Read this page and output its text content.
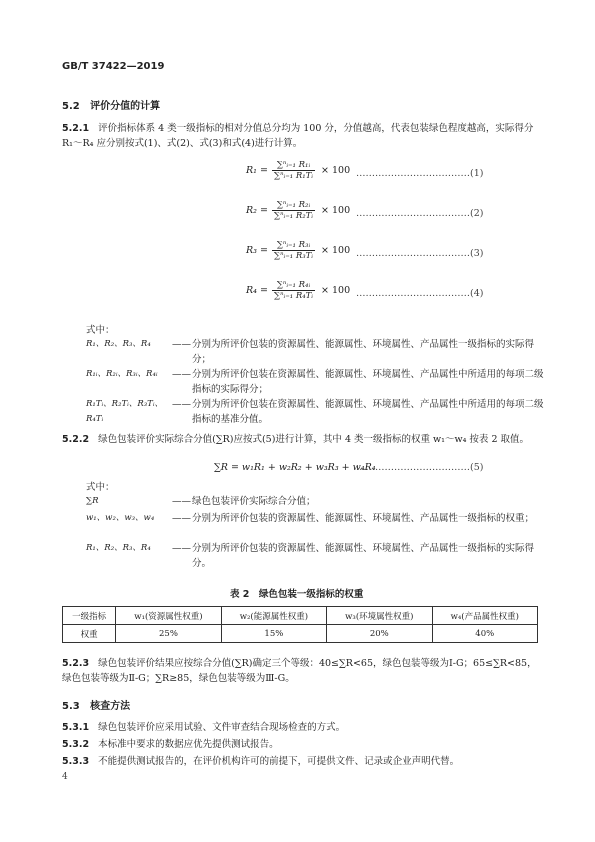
GB/T 37422—2019
5.2 评价分值的计算
5.2.1 评价指标体系 4 类一级指标的相对分值总分均为 100 分，分值越高，代表包装绿色程度越高，实际得分 R₁～R₄ 应分别按式(1)、式(2)、式(3)和式(4)进行计算。
$R_1 = \frac{\text{∑ⁿᵢ₌₁ R₁ᵢ}}{\text{∑ⁿᵢ₌₁ R₁Tᵢ}} \times 100$ ………………………………(1)
$R_2 = \frac{\text{∑ⁿᵢ₌₁ R₂ᵢ}}{\text{∑ⁿᵢ₌₁ R₂Tᵢ}} \times 100$ ………………………………(2)
$R_3 = \frac{\text{∑ⁿᵢ₌₁ R₃ᵢ}}{\text{∑ⁿᵢ₌₁ R₃Tᵢ}} \times 100$ ………………………………(3)
$R_4 = \frac{\text{∑ⁿᵢ₌₁ R₄ᵢ}}{\text{∑ⁿᵢ₌₁ R₄Tᵢ}} \times 100$ ………………………………(4)
式中：
R₁、R₂、R₃、R₄	—— 分别为所评价包装的资源属性、能源属性、环境属性、产品属性一级指标的实际得分；
R₁ᵢ、R₂ᵢ、R₃ᵢ、R₄ᵢ	—— 分别为所评价包装在资源属性、能源属性、环境属性、产品属性中所适用的每项二级指标的实际得分；
R₁Tᵢ、R₂Tᵢ、R₃Tᵢ、R₄Tᵢ
—— 分别为所评价包装在资源属性、能源属性、环境属性、产品属性中所适用的每项二级指标的基准分值。
5.2.2 绿色包装评价实际综合分值(∑R)应按式(5)进行计算，其中 4 类一级指标的权重 w₁～w₄ 按表 2 取值。
∑R = w₁R₁ + w₂R₂ + w₃R₃ + w₄R₄
………………………………(5)
式中：
∑R	—— 绿色包装评价实际综合分值；
w₁、w₂、w₃、w₄	—— 分别为所评价包装的资源属性、能源属性、环境属性、产品属性一级指标的权重；
R₁、R₂、R₃、R₄	—— 分别为所评价包装的资源属性、能源属性、环境属性、产品属性一级指标的实际得分。
表 2　绿色包装一级指标的权重
一级指标	w₁(资源属性权重)	w₂(能源属性权重)	w₃(环境属性权重)	w₄(产品属性权重)
权重	25%	15%	20%	40%
5.2.3 绿色包装评价结果应按综合分值(∑R)确定三个等级：40≤∑R<65，绿色包装等级为Ⅰ-G；65≤∑R<85，绿色包装等级为Ⅱ-G；∑R≥85，绿色包装等级为Ⅲ-G。
5.3 核查方法
5.3.1 绿色包装评价应采用试验、文件审查结合现场检查的方式。
5.3.2 本标准中要求的数据应优先提供测试报告。
5.3.3 不能提供测试报告的，在评价机构许可的前提下，可提供文件、记录或企业声明代替。
4
